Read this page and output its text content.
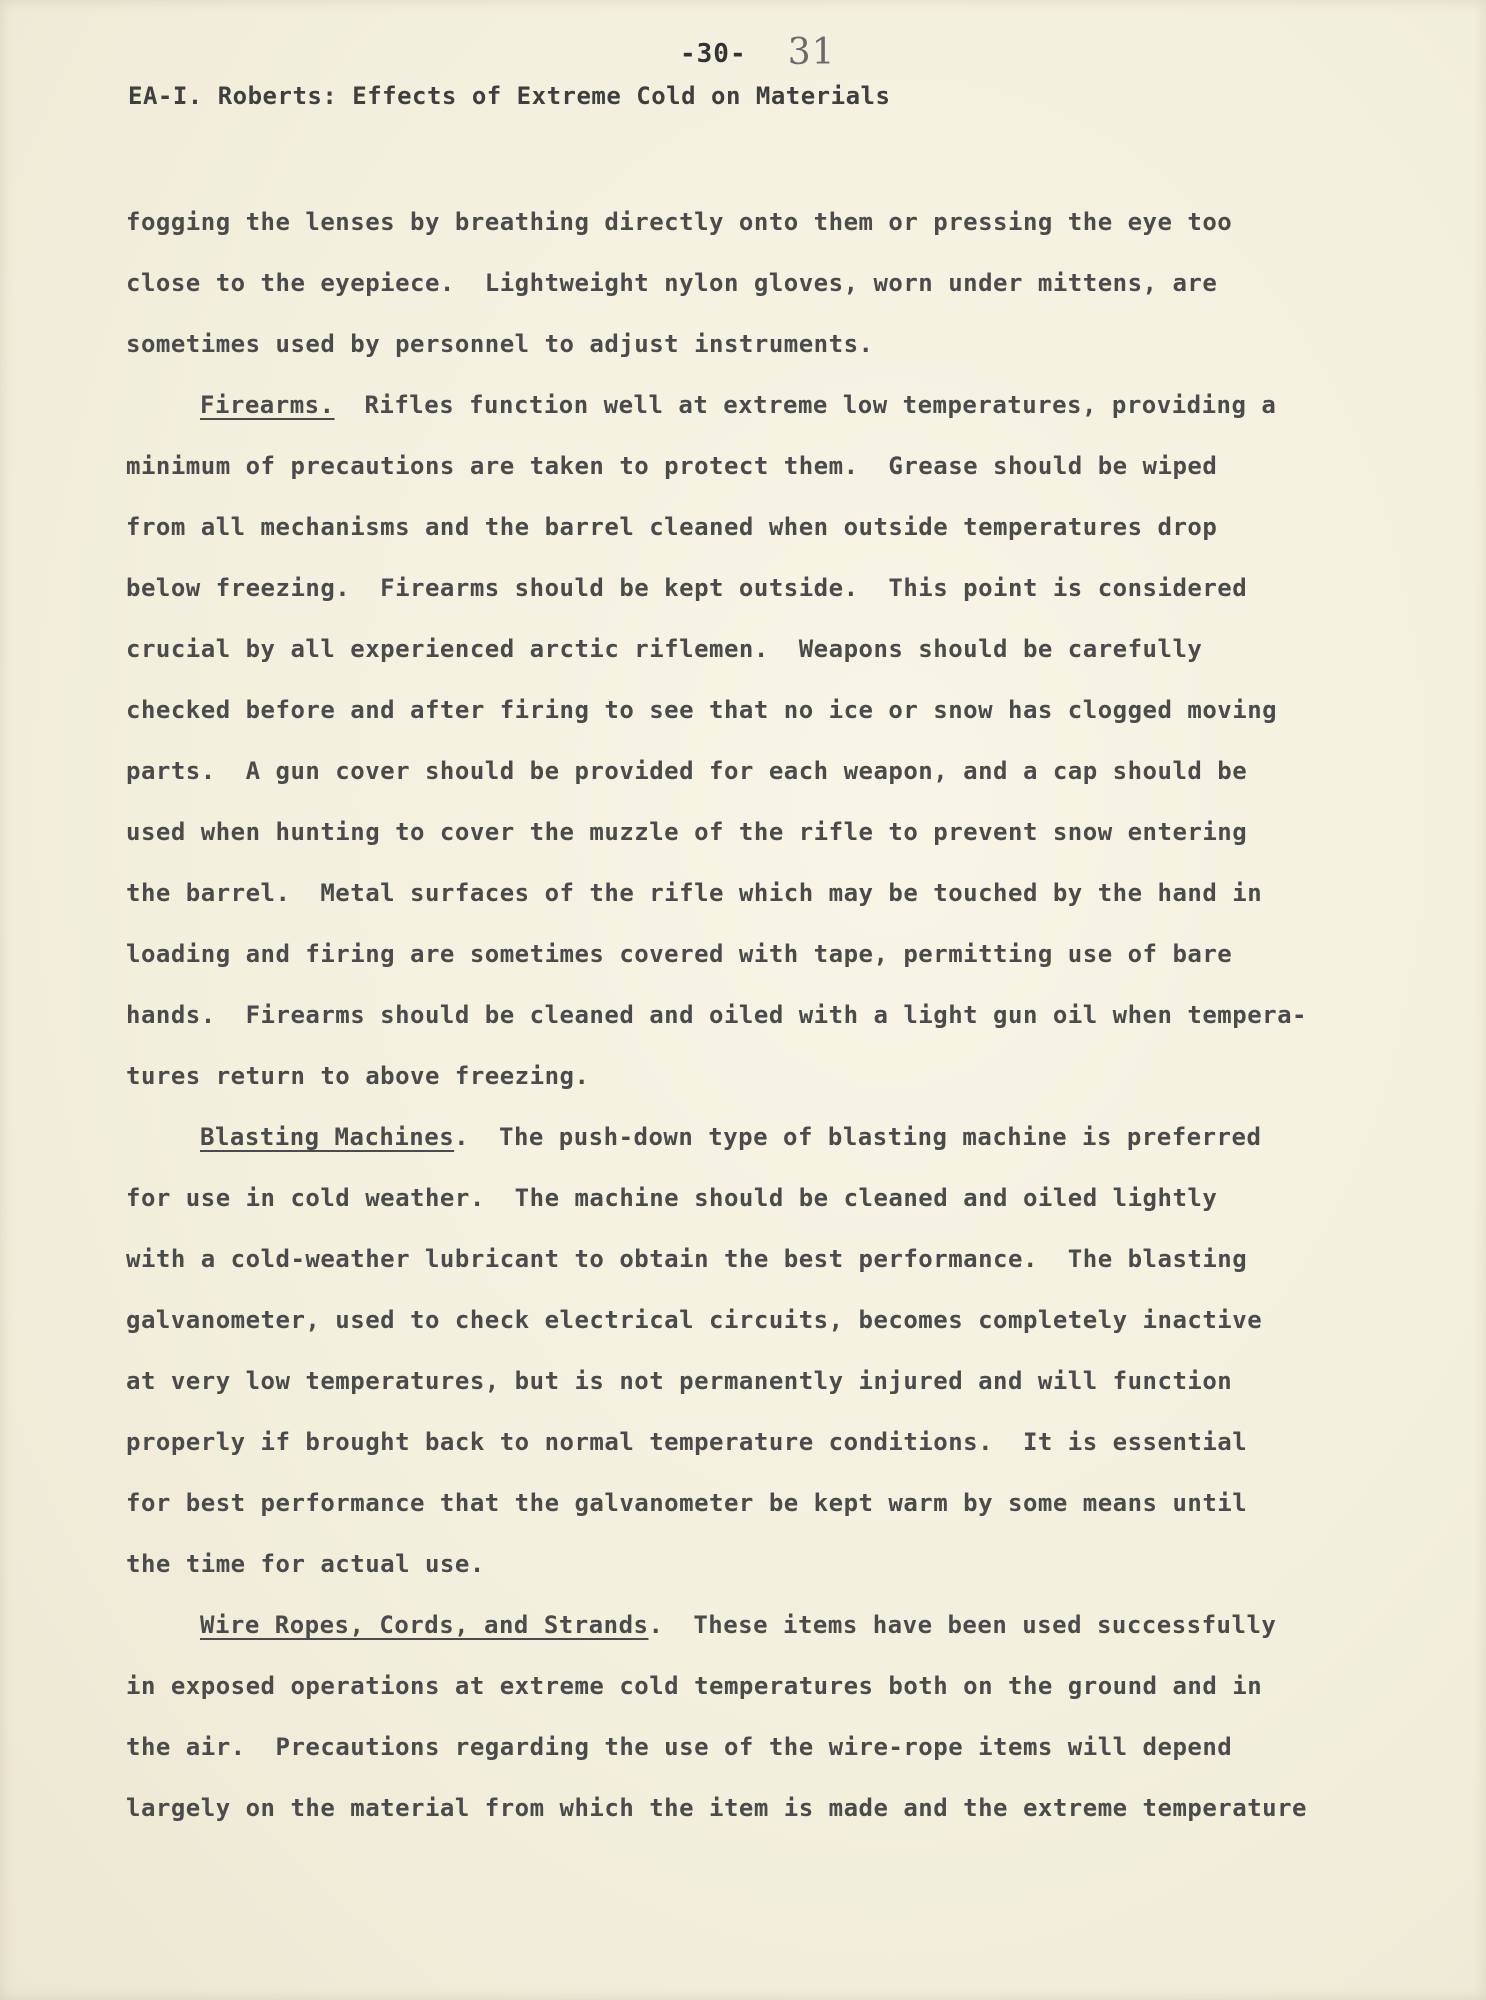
-30- 31
EA-I. Roberts: Effects of Extreme Cold on Materials
fogging the lenses by breathing directly onto them or pressing the eye too
close to the eyepiece.  Lightweight nylon gloves, worn under mittens, are
sometimes used by personnel to adjust instruments.
Firearms.  Rifles function well at extreme low temperatures, providing a
minimum of precautions are taken to protect them.  Grease should be wiped
from all mechanisms and the barrel cleaned when outside temperatures drop
below freezing.  Firearms should be kept outside.  This point is considered
crucial by all experienced arctic riflemen.  Weapons should be carefully
checked before and after firing to see that no ice or snow has clogged moving
parts.  A gun cover should be provided for each weapon, and a cap should be
used when hunting to cover the muzzle of the rifle to prevent snow entering
the barrel.  Metal surfaces of the rifle which may be touched by the hand in
loading and firing are sometimes covered with tape, permitting use of bare
hands.  Firearms should be cleaned and oiled with a light gun oil when tempera-
tures return to above freezing.
Blasting Machines.  The push-down type of blasting machine is preferred
for use in cold weather.  The machine should be cleaned and oiled lightly
with a cold-weather lubricant to obtain the best performance.  The blasting
galvanometer, used to check electrical circuits, becomes completely inactive
at very low temperatures, but is not permanently injured and will function
properly if brought back to normal temperature conditions.  It is essential
for best performance that the galvanometer be kept warm by some means until
the time for actual use.
Wire Ropes, Cords, and Strands.  These items have been used successfully
in exposed operations at extreme cold temperatures both on the ground and in
the air.  Precautions regarding the use of the wire-rope items will depend
largely on the material from which the item is made and the extreme temperature
